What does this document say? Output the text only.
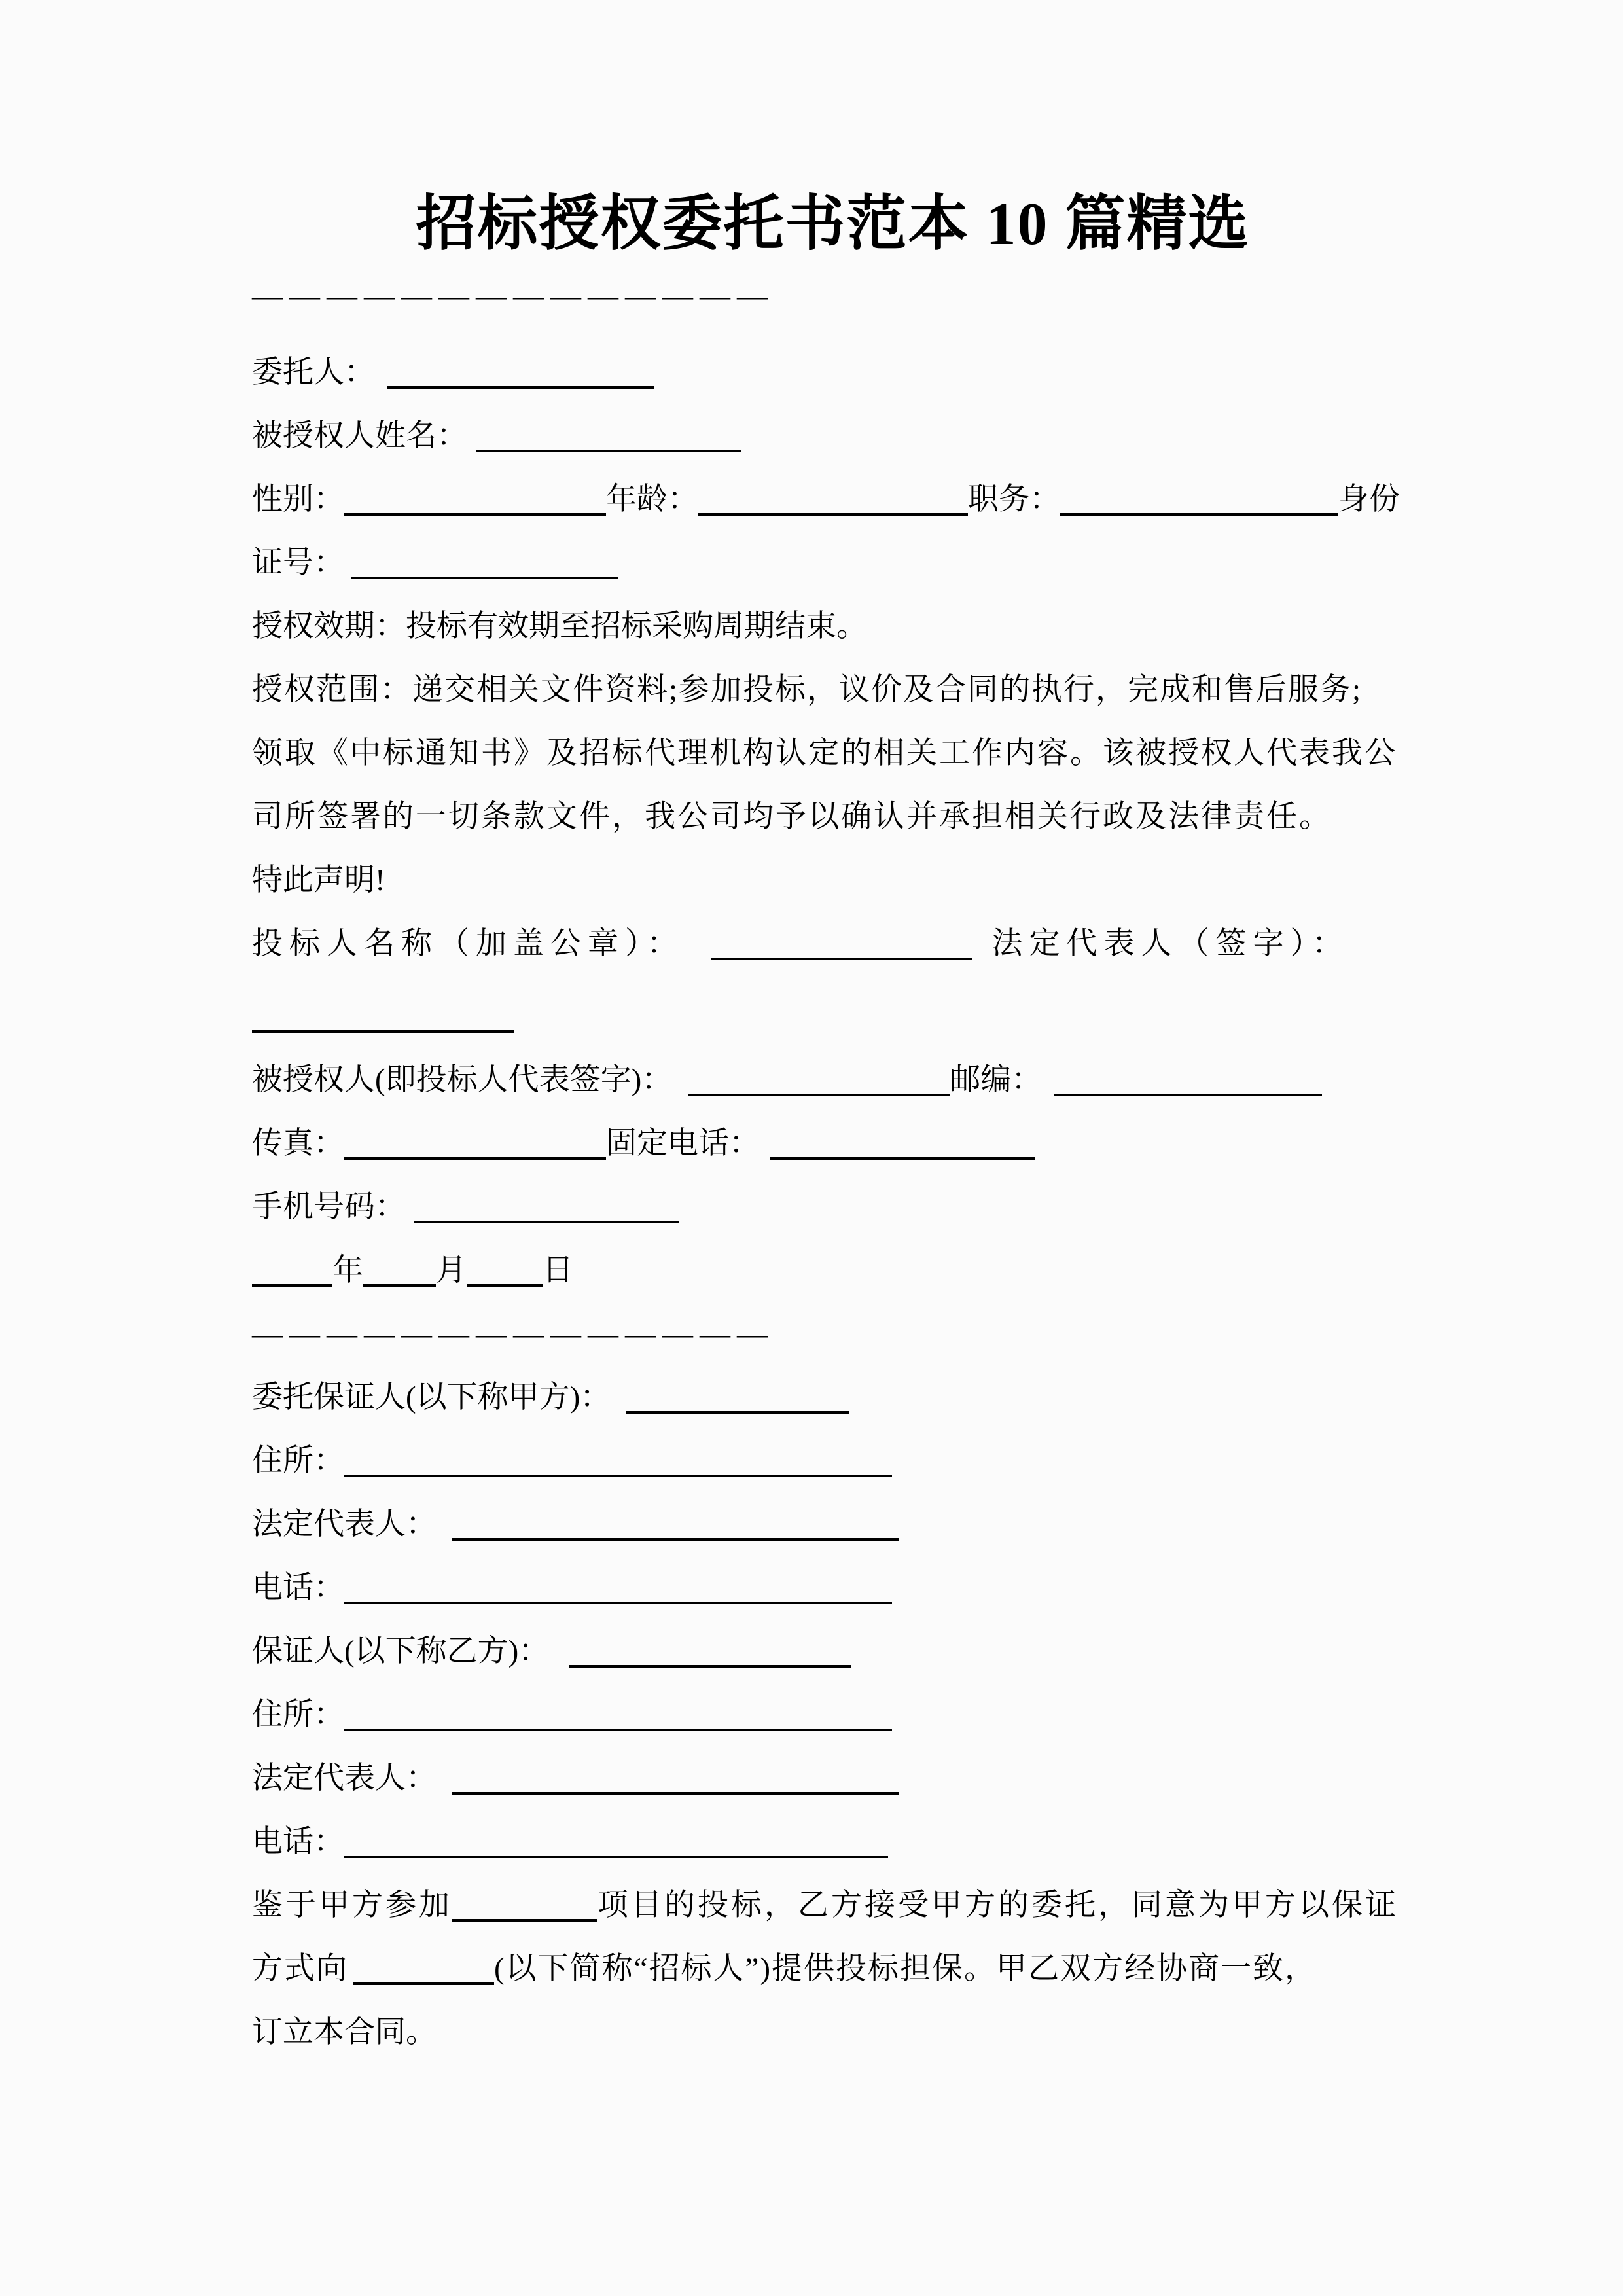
招标授权委托书范本 10 篇精选
——————————————
委托人：
被授权人姓名：
性别：	年龄：	职务：	身份
证号：
授权效期：投标有效期至招标采购周期结束。
授权范围：递交相关文件资料;参加投标，议价及合同的执行，完成和售后服务;
领取《中标通知书》及招标代理机构认定的相关工作内容。该被授权人代表我公
司所签署的一切条款文件，我公司均予以确认并承担相关行政及法律责任。
特此声明!
投标人名称（加盖公章）：	法定代表人（签字）：
被授权人(即投标人代表签字)：	邮编：
传真：	固定电话：
手机号码：
年 月 日
——————————————
委托保证人(以下称甲方)：
住所：
法定代表人：
电话：
保证人(以下称乙方)：
住所：
法定代表人：
电话：
鉴于甲方参加	项目的投标，乙方接受甲方的委托，同意为甲方以保证
方式向	(以下简称“招标人”)提供投标担保。甲乙双方经协商一致，
订立本合同。
